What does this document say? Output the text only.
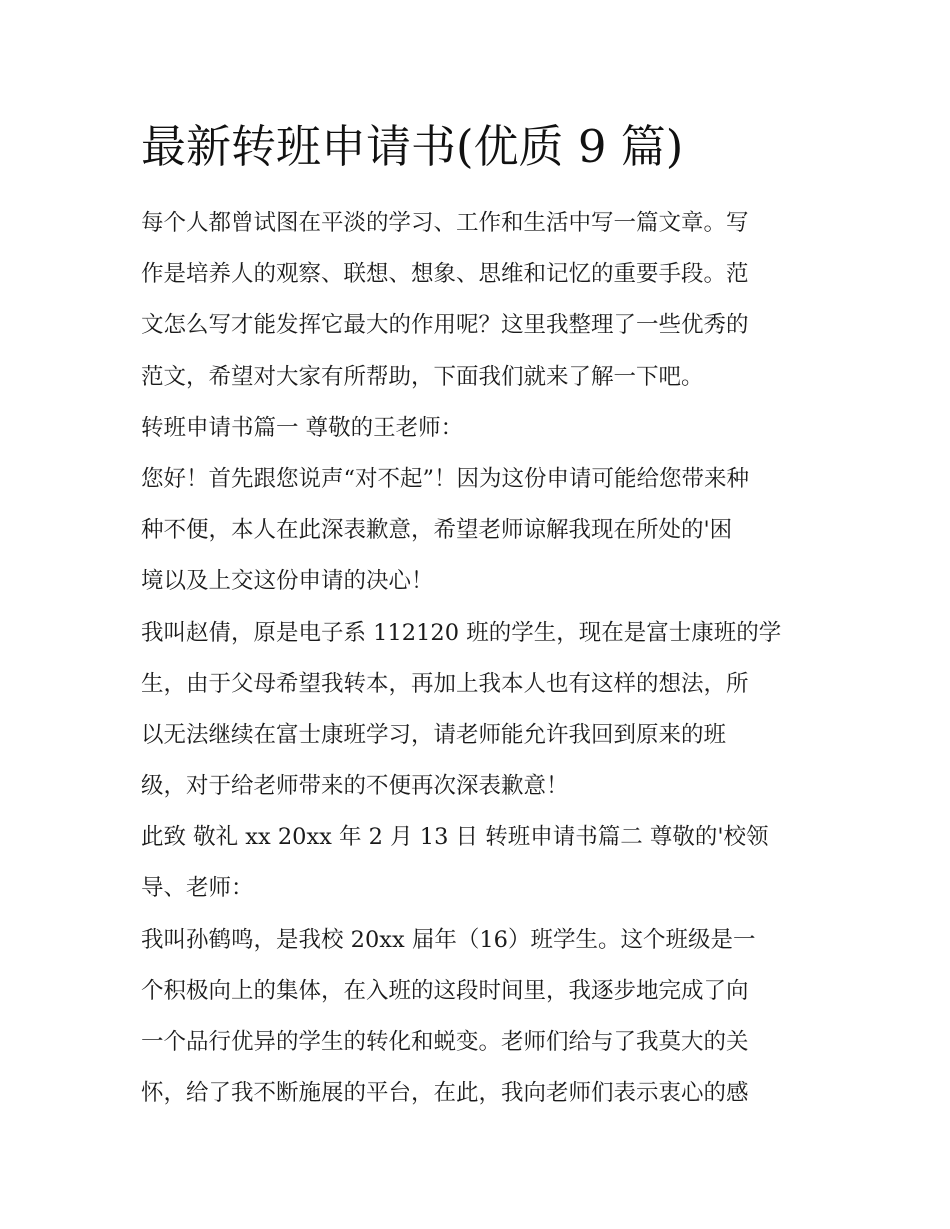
最新转班申请书(优质 9 篇)
每个人都曾试图在平淡的学习、工作和生活中写一篇文章。写
作是培养人的观察、联想、想象、思维和记忆的重要手段。范
文怎么写才能发挥它最大的作用呢？这里我整理了一些优秀的
范文，希望对大家有所帮助，下面我们就来了解一下吧。
转班申请书篇一 尊敬的王老师：
您好！首先跟您说声“对不起”！因为这份申请可能给您带来种
种不便，本人在此深表歉意，希望老师谅解我现在所处的'困
境以及上交这份申请的决心！
我叫赵倩，原是电子系 112120 班的学生，现在是富士康班的学
生，由于父母希望我转本，再加上我本人也有这样的想法，所
以无法继续在富士康班学习，请老师能允许我回到原来的班
级，对于给老师带来的不便再次深表歉意！
此致 敬礼 xx 20xx 年 2 月 13 日 转班申请书篇二 尊敬的'校领
导、老师：
我叫孙鹤鸣，是我校 20xx 届年（16）班学生。这个班级是一
个积极向上的集体，在入班的这段时间里，我逐步地完成了向
一个品行优异的学生的转化和蜕变。老师们给与了我莫大的关
怀，给了我不断施展的平台，在此，我向老师们表示衷心的感
